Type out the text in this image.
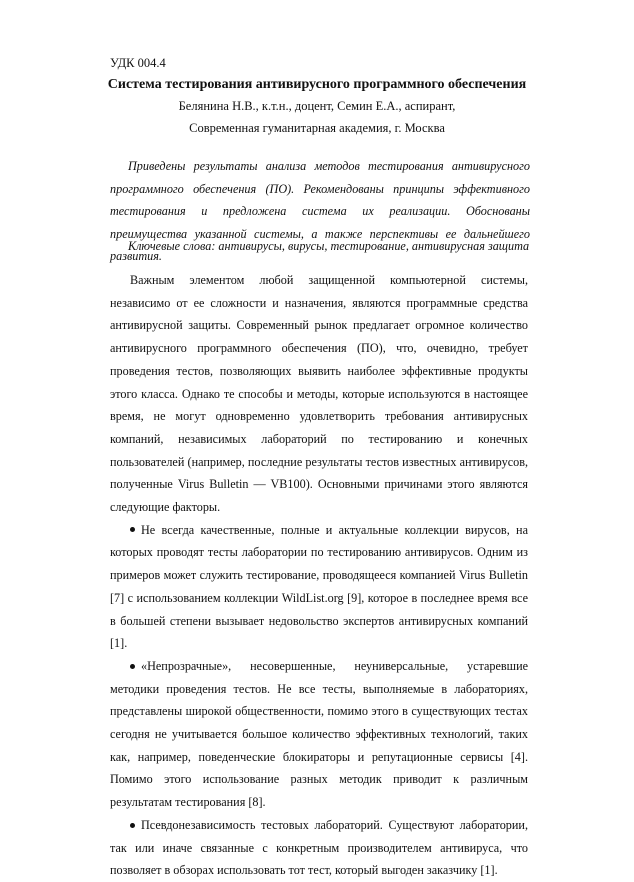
УДК 004.4
Система тестирования антивирусного программного обеспечения
Белянина Н.В., к.т.н., доцент, Семин Е.А., аспирант,
Современная гуманитарная академия, г. Москва
Приведены результаты анализа методов тестирования антивирусного программного обеспечения (ПО). Рекомендованы принципы эффективного тестирования и предложена система их реализации. Обоснованы преимущества указанной системы, а также перспективы ее дальнейшего развития.
Ключевые слова: антивирусы, вирусы, тестирование, антивирусная защита

Важным элементом любой защищенной компьютерной системы, независимо от ее сложности и назначения, являются программные средства антивирусной защиты. Современный рынок предлагает огромное количество антивирусного программного обеспечения (ПО), что, очевидно, требует проведения тестов, позволяющих выявить наиболее эффективные продукты этого класса. Однако те способы и методы, которые используются в настоящее время, не могут одновременно удовлетворить требования антивирусных компаний, независимых лабораторий по тестированию и конечных пользователей (например, последние результаты тестов известных антивирусов, полученные Virus Bulletin — VB100). Основными причинами этого являются следующие факторы.

Не всегда качественные, полные и актуальные коллекции вирусов, на которых проводят тесты лаборатории по тестированию антивирусов. Одним из примеров может служить тестирование, проводящееся компанией Virus Bulletin [7] с использованием коллекции WildList.org [9], которое в последнее время все в большей степени вызывает недовольство экспертов антивирусных компаний [1].

«Непрозрачные», несовершенные, неуниверсальные, устаревшие методики проведения тестов. Не все тесты, выполняемые в лабораториях, представлены широкой общественности, помимо этого в существующих тестах сегодня не учитывается большое количество эффективных технологий, таких как, например, поведенческие блокираторы и репутационные сервисы [4]. Помимо этого использование разных методик приводит к различным результатам тестирования [8].

Псевдонезависимость тестовых лабораторий. Существуют лаборатории, так или иначе связанные с конкретным производителем антивируса, что позволяет в обзорах использовать тот тест, который выгоден заказчику [1].
